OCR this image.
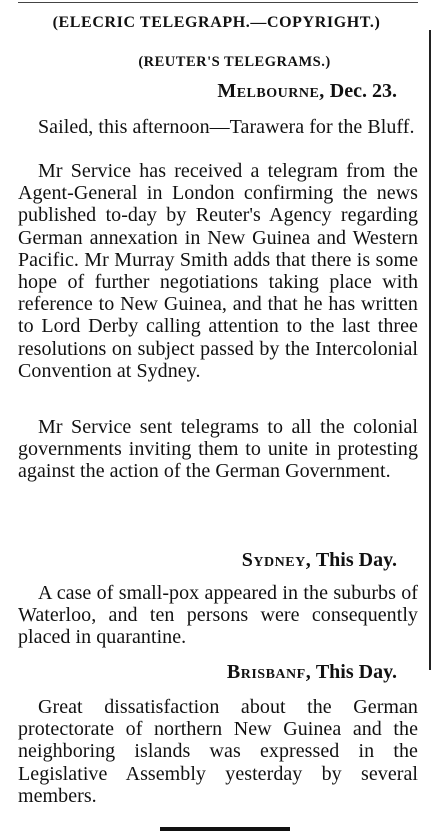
(ELECRIC TELEGRAPH.—COPYRIGHT.)
(REUTER'S TELEGRAMS.)
Melbourne, Dec. 23.

Sailed, this afternoon—Tarawera for the Bluff.

Mr Service has received a telegram from the Agent-General in London confirming the news published to-day by Reuter's Agency regarding German annexation in New Guinea and Western Pacific. Mr Murray Smith adds that there is some hope of further negotiations taking place with reference to New Guinea, and that he has written to Lord Derby calling attention to the last three resolutions on subject passed by the Intercolonial Convention at Sydney.

Mr Service sent telegrams to all the colonial governments inviting them to unite in protesting against the action of the German Government.

Sydney, This Day.

A case of small-pox appeared in the suburbs of Waterloo, and ten persons were consequently placed in quarantine.

Brisbanf, This Day.

Great dissatisfaction about the German protectorate of northern New Guinea and the neighboring islands was expressed in the Legislative Assembly yesterday by several members.
